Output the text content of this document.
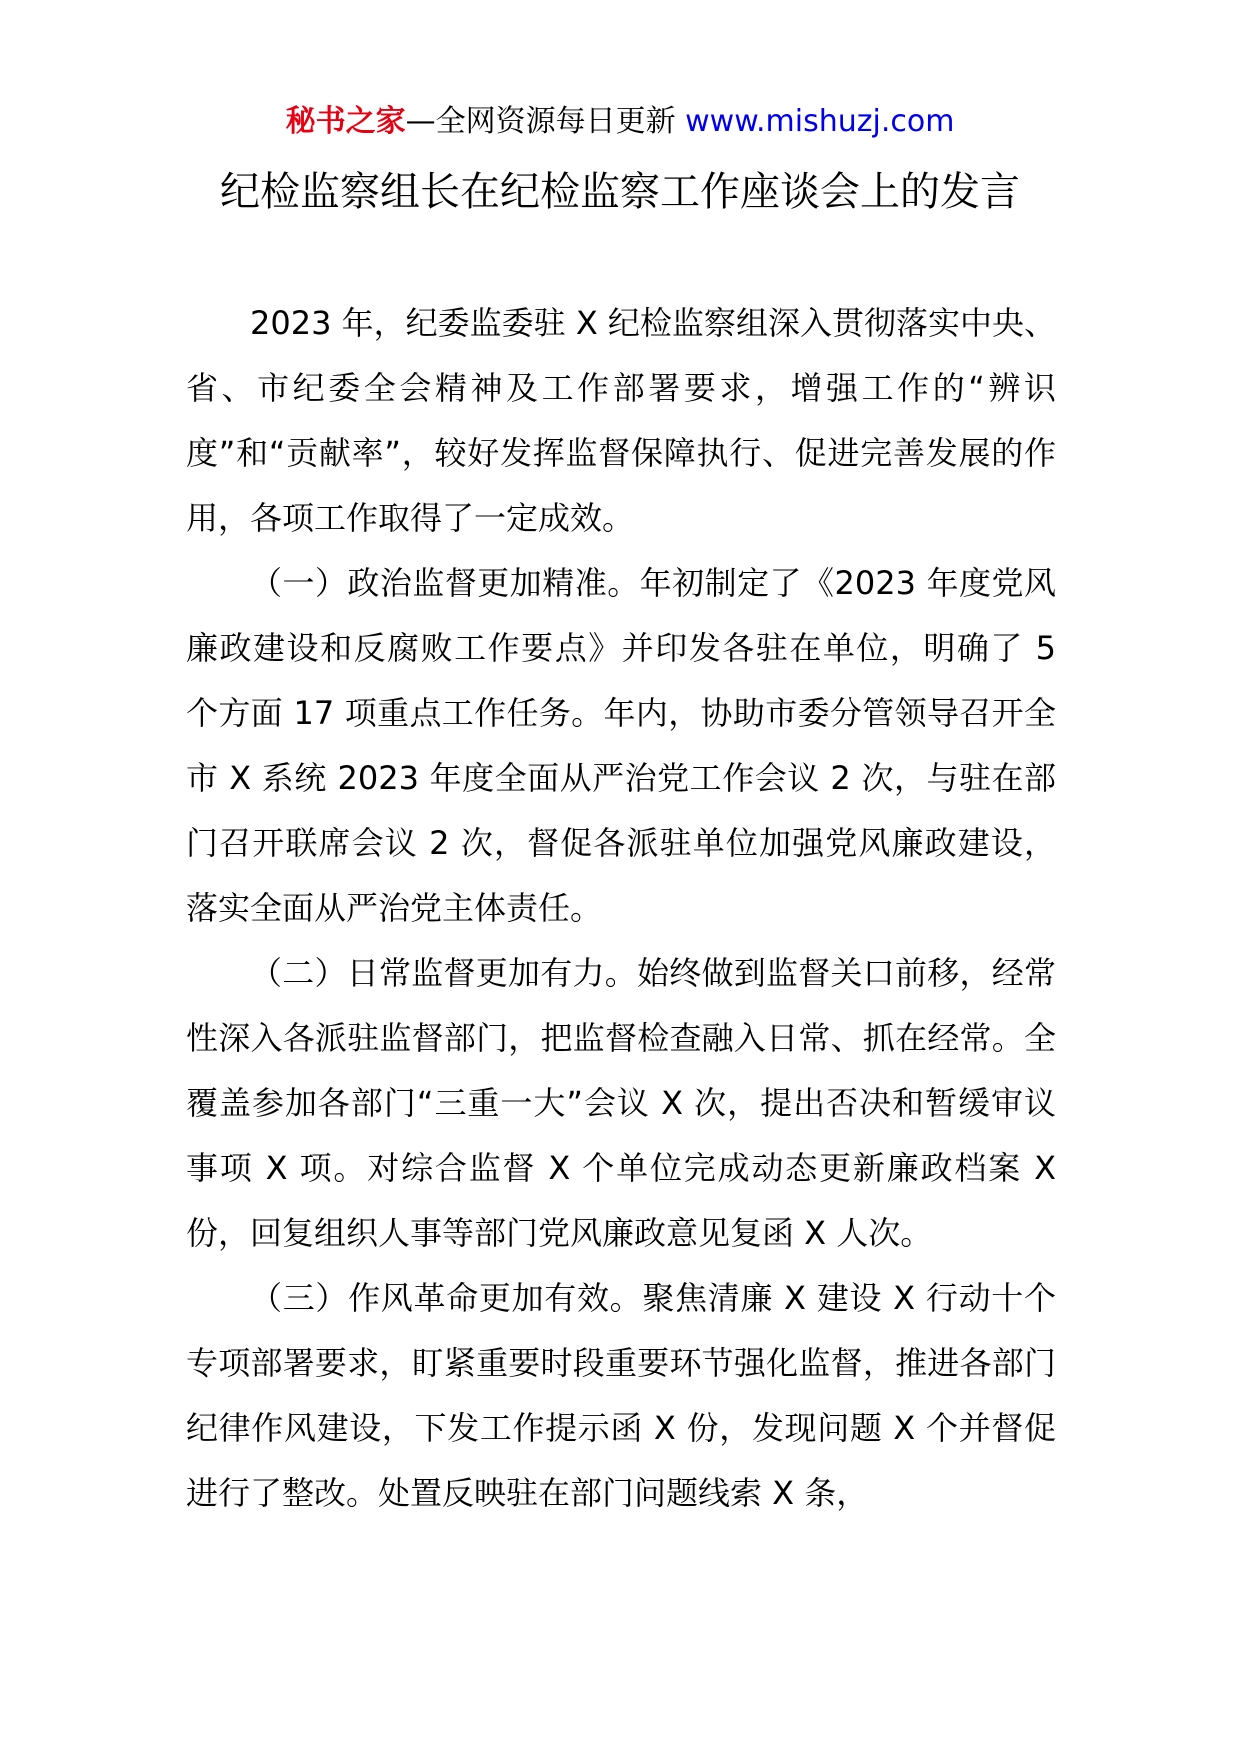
秘书之家—全网资源每日更新 www.mishuzj.com
纪检监察组长在纪检监察工作座谈会上的发言

2023 年，纪委监委驻 X 纪检监察组深入贯彻落实中央、省、市纪委全会精神及工作部署要求，增强工作的“辨识度”和“贡献率”，较好发挥监督保障执行、促进完善发展的作用，各项工作取得了一定成效。

（一）政治监督更加精准。年初制定了《2023 年度党风廉政建设和反腐败工作要点》并印发各驻在单位，明确了 5 个方面 17 项重点工作任务。年内，协助市委分管领导召开全市 X 系统 2023 年度全面从严治党工作会议 2 次，与驻在部门召开联席会议 2 次，督促各派驻单位加强党风廉政建设，落实全面从严治党主体责任。

（二）日常监督更加有力。始终做到监督关口前移，经常性深入各派驻监督部门，把监督检查融入日常、抓在经常。全覆盖参加各部门“三重一大”会议 X 次，提出否决和暂缓审议事项 X 项。对综合监督 X 个单位完成动态更新廉政档案 X 份，回复组织人事等部门党风廉政意见复函 X 人次。

（三）作风革命更加有效。聚焦清廉 X 建设 X 行动十个专项部署要求，盯紧重要时段重要环节强化监督，推进各部门纪律作风建设，下发工作提示函 X 份，发现问题 X 个并督促进行了整改。处置反映驻在部门问题线索 X 条，
